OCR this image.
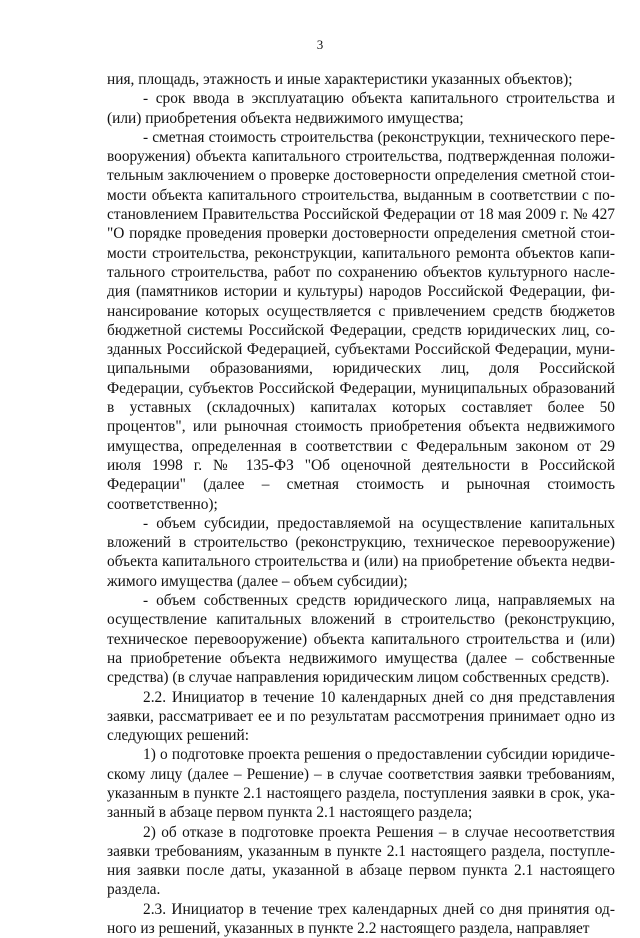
3

ния, площадь, этажность и иные характеристики указанных объектов);

- срок ввода в эксплуатацию объекта капитального строительства и (или) приобретения объекта недвижимого имущества;

- сметная стоимость строительства (реконструкции, технического перевооружения) объекта капитального строительства, подтвержденная положительным заключением о проверке достоверности определения сметной стоимости объекта капитального строительства, выданным в соответствии с постановлением Правительства Российской Федерации от 18 мая 2009 г. № 427 "О порядке проведения проверки достоверности определения сметной стоимости строительства, реконструкции, капитального ремонта объектов капитального строительства, работ по сохранению объектов культурного наследия (памятников истории и культуры) народов Российской Федерации, финансирование которых осуществляется с привлечением средств бюджетов бюджетной системы Российской Федерации, средств юридических лиц, созданных Российской Федерацией, субъектами Российской Федерации, муниципальными образованиями, юридических лиц, доля Российской Федерации, субъектов Российской Федерации, муниципальных образований в уставных (складочных) капиталах которых составляет более 50 процентов", или рыночная стоимость приобретения объекта недвижимого имущества, определенная в соответствии с Федеральным законом от 29 июля 1998 г. № 135-ФЗ "Об оценочной деятельности в Российской Федерации" (далее – сметная стоимость и рыночная стоимость соответственно);

- объем субсидии, предоставляемой на осуществление капитальных вложений в строительство (реконструкцию, техническое перевооружение) объекта капитального строительства и (или) на приобретение объекта недвижимого имущества (далее – объем субсидии);

- объем собственных средств юридического лица, направляемых на осуществление капитальных вложений в строительство (реконструкцию, техническое перевооружение) объекта капитального строительства и (или) на приобретение объекта недвижимого имущества (далее – собственные средства) (в случае направления юридическим лицом собственных средств).

2.2. Инициатор в течение 10 календарных дней со дня представления заявки, рассматривает ее и по результатам рассмотрения принимает одно из следующих решений:

1) о подготовке проекта решения о предоставлении субсидии юридическому лицу (далее – Решение) – в случае соответствия заявки требованиям, указанным в пункте 2.1 настоящего раздела, поступления заявки в срок, указанный в абзаце первом пункта 2.1 настоящего раздела;

2) об отказе в подготовке проекта Решения – в случае несоответствия заявки требованиям, указанным в пункте 2.1 настоящего раздела, поступления заявки после даты, указанной в абзаце первом пункта 2.1 настоящего раздела.

2.3. Инициатор в течение трех календарных дней со дня принятия одного из решений, указанных в пункте 2.2 настоящего раздела, направляет
